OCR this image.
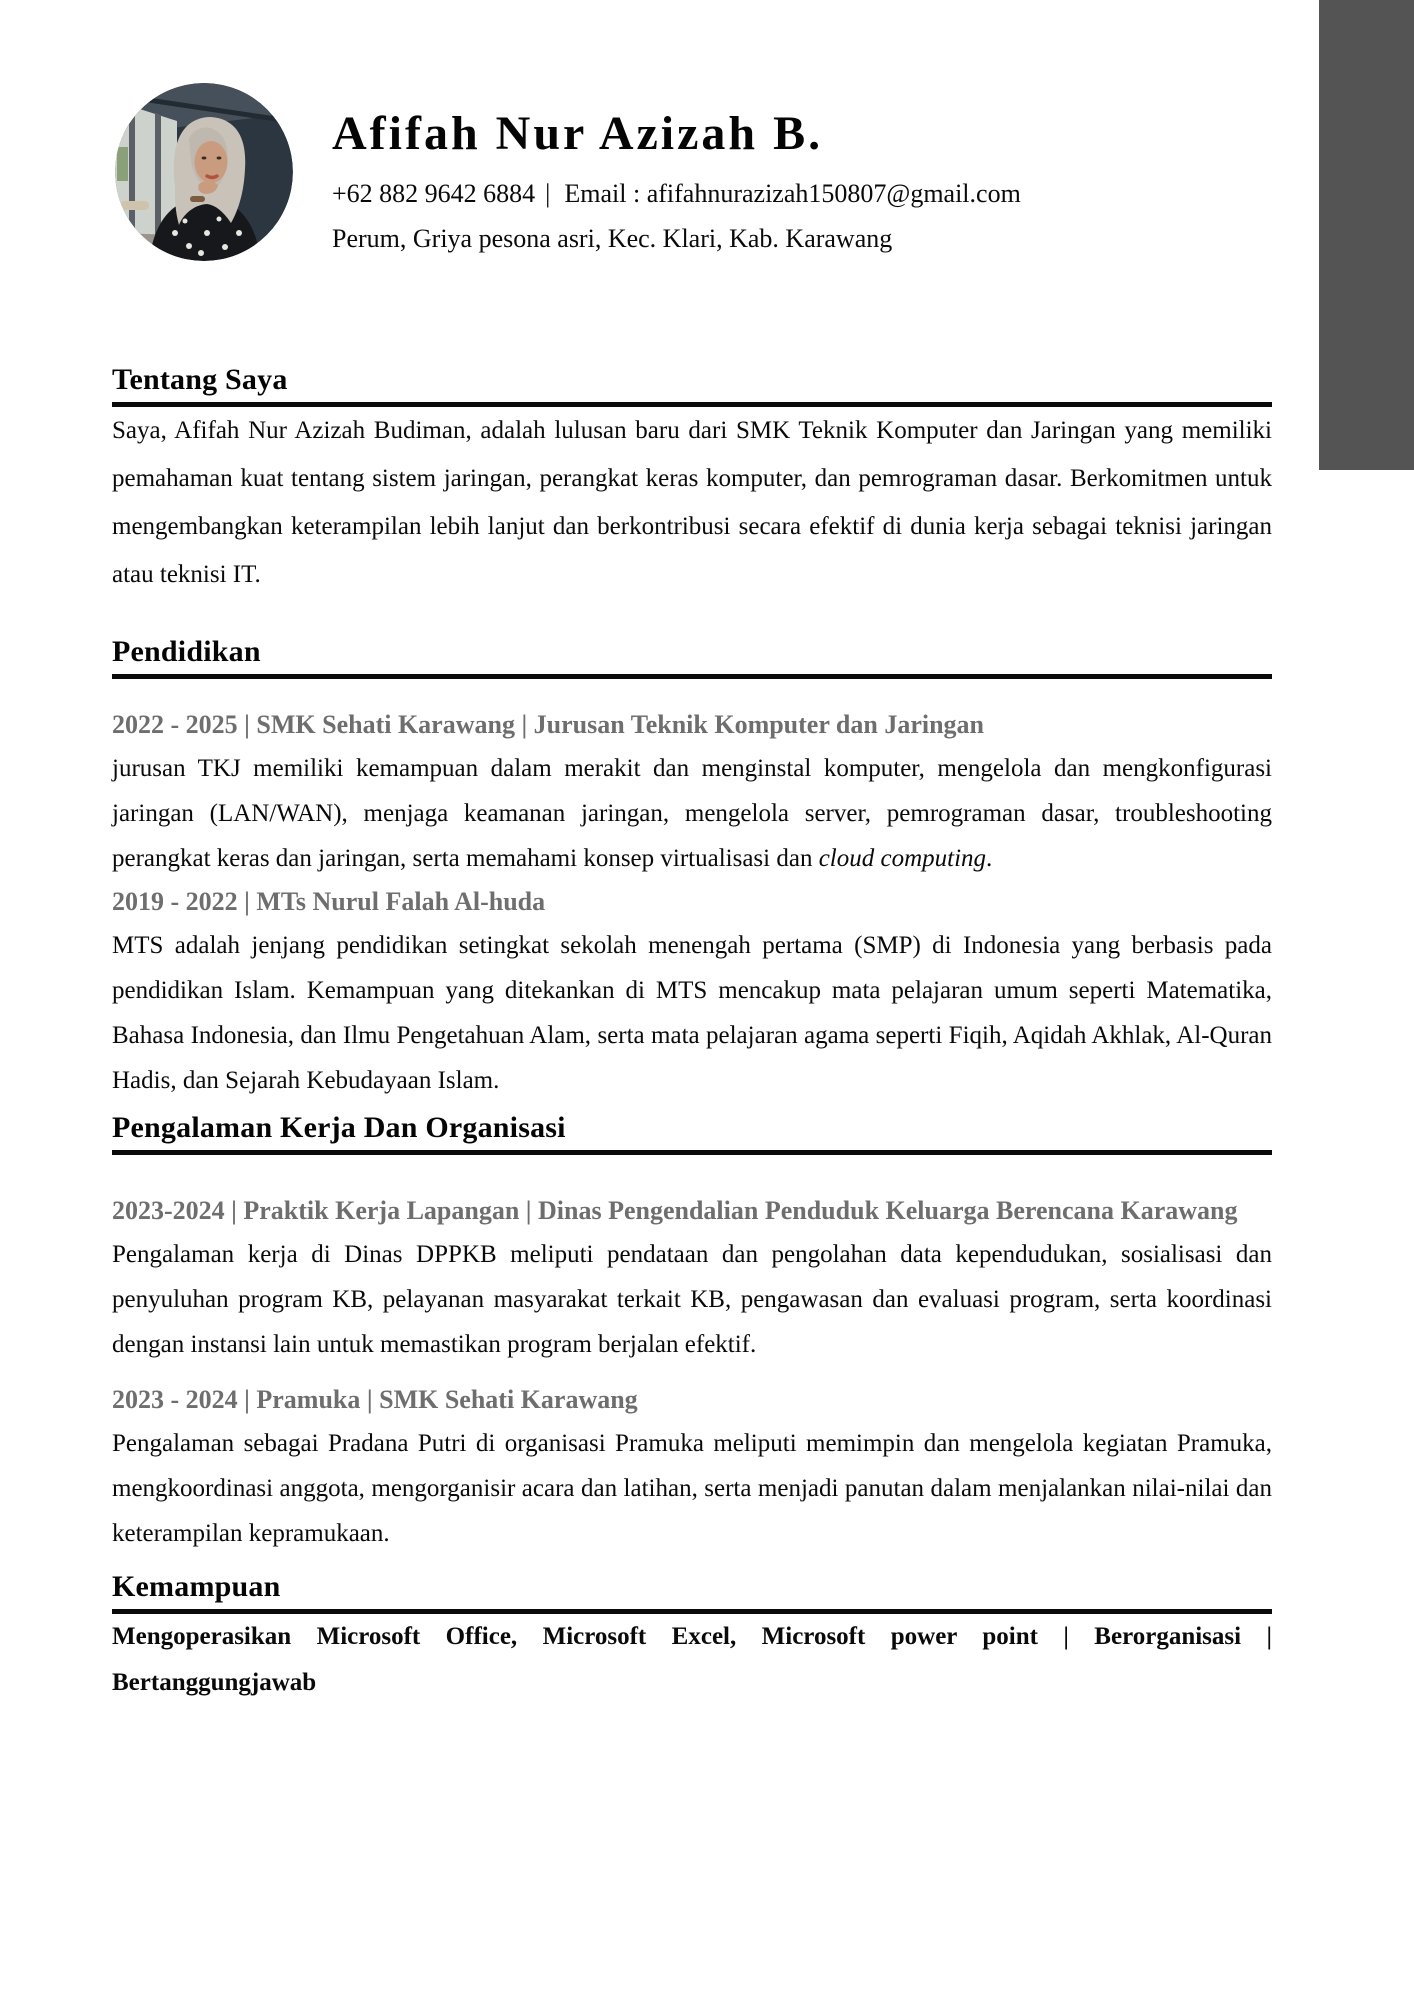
Afifah Nur Azizah B.
+62 882 9642 6884 | Email : afifahnurazizah150807@gmail.com
Perum, Griya pesona asri, Kec. Klari, Kab. Karawang
Tentang Saya

Saya, Afifah Nur Azizah Budiman, adalah lulusan baru dari SMK Teknik Komputer dan Jaringan yang memiliki pemahaman kuat tentang sistem jaringan, perangkat keras komputer, dan pemrograman dasar. Berkomitmen untuk mengembangkan keterampilan lebih lanjut dan berkontribusi secara efektif di dunia kerja sebagai teknisi jaringan atau teknisi IT.

Pendidikan
2022 - 2025 | SMK Sehati Karawang | Jurusan Teknik Komputer dan Jaringan

jurusan TKJ memiliki kemampuan dalam merakit dan menginstal komputer, mengelola dan mengkonfigurasi jaringan (LAN/WAN), menjaga keamanan jaringan, mengelola server, pemrograman dasar, troubleshooting perangkat keras dan jaringan, serta memahami konsep virtualisasi dan cloud computing.

2019 - 2022 | MTs Nurul Falah Al-huda

MTS adalah jenjang pendidikan setingkat sekolah menengah pertama (SMP) di Indonesia yang berbasis pada pendidikan Islam. Kemampuan yang ditekankan di MTS mencakup mata pelajaran umum seperti Matematika, Bahasa Indonesia, dan Ilmu Pengetahuan Alam, serta mata pelajaran agama seperti Fiqih, Aqidah Akhlak, Al-Quran Hadis, dan Sejarah Kebudayaan Islam.

Pengalaman Kerja Dan Organisasi
2023-2024 | Praktik Kerja Lapangan | Dinas Pengendalian Penduduk Keluarga Berencana Karawang

Pengalaman kerja di Dinas DPPKB meliputi pendataan dan pengolahan data kependudukan, sosialisasi dan penyuluhan program KB, pelayanan masyarakat terkait KB, pengawasan dan evaluasi program, serta koordinasi dengan instansi lain untuk memastikan program berjalan efektif.

2023 - 2024 | Pramuka | SMK Sehati Karawang

Pengalaman sebagai Pradana Putri di organisasi Pramuka meliputi memimpin dan mengelola kegiatan Pramuka, mengkoordinasi anggota, mengorganisir acara dan latihan, serta menjadi panutan dalam menjalankan nilai-nilai dan keterampilan kepramukaan.

Kemampuan

Mengoperasikan Microsoft Office, Microsoft Excel, Microsoft power point | Berorganisasi | Bertanggungjawab
